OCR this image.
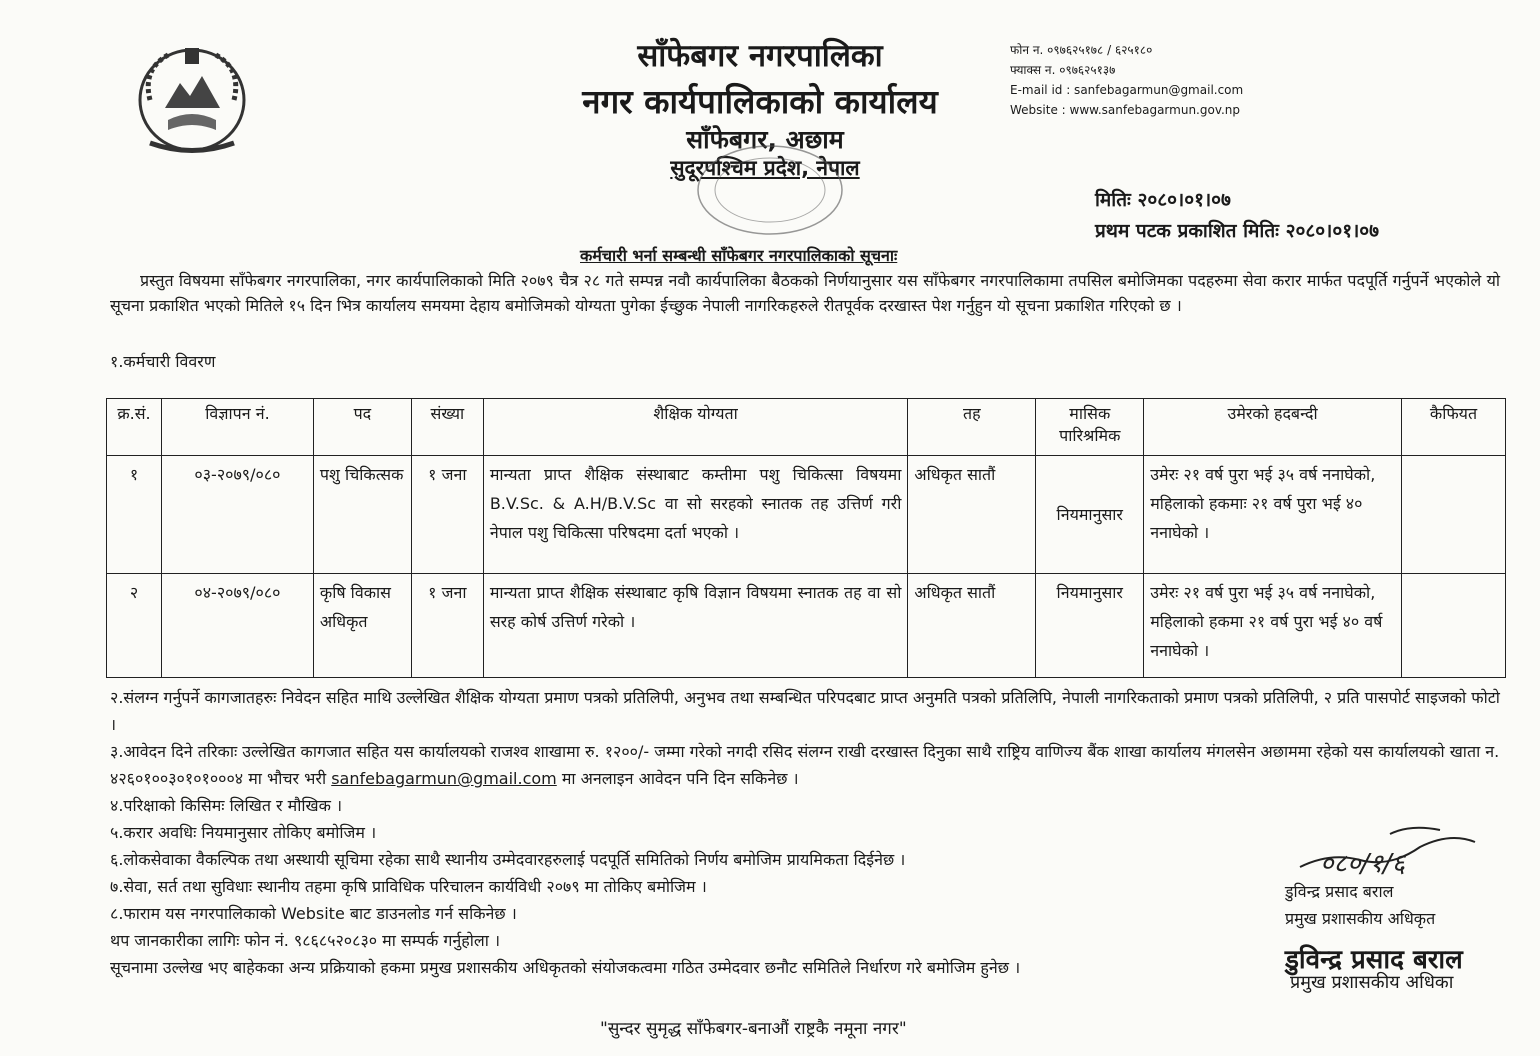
साँफेबगर नगरपालिका
नगर कार्यपालिकाको कार्यालय
साँफेबगर, अछाम
सुदूरपश्चिम प्रदेश, नेपाल
फोन न. ०९७६२५१७८ / ६२५१८०
फ्याक्स न. ०९७६२५१३७
E-mail id : sanfebagarmun@gmail.com
Website : www.sanfebagarmun.gov.np
मितिः २०८०।०१।०७
प्रथम पटक प्रकाशित मितिः २०८०।०१।०७
कर्मचारी भर्ना सम्बन्धी साँफेबगर नगरपालिकाको सूचनाः
प्रस्तुत विषयमा साँफेबगर नगरपालिका, नगर कार्यपालिकाको मिति २०७९ चैत्र २८ गते सम्पन्न नवौ कार्यपालिका बैठकको निर्णयानुसार यस साँफेबगर नगरपालिकामा तपसिल बमोजिमका पदहरुमा सेवा करार मार्फत पदपूर्ति गर्नुपर्ने भएकोले यो सूचना प्रकाशित भएको मितिले १५ दिन भित्र कार्यालय समयमा देहाय बमोजिमको योग्यता पुगेका ईच्छुक नेपाली नागरिकहरुले रीतपूर्वक दरखास्त पेश गर्नुहुन यो सूचना प्रकाशित गरिएको छ ।
१.कर्मचारी विवरण
क्र.सं.	विज्ञापन नं.	पद	संख्या	शैक्षिक योग्यता	तह	मासिक पारिश्रमिक	उमेरको हदबन्दी	कैफियत
१	०३-२०७९/०८०	पशु चिकित्सक	१ जना	मान्यता प्राप्त शैक्षिक संस्थाबाट कम्तीमा पशु चिकित्सा विषयमा B.V.Sc. & A.H/B.V.Sc वा सो सरहको स्नातक तह उत्तिर्ण गरी नेपाल पशु चिकित्सा परिषदमा दर्ता भएको ।	अधिकृत सातौं	नियमानुसार	उमेरः २१ वर्ष पुरा भई ३५ वर्ष ननाघेको, महिलाको हकमाः २१ वर्ष पुरा भई ४० ननाघेको ।	
२	०४-२०७९/०८०	कृषि विकास अधिकृत	१ जना	मान्यता प्राप्त शैक्षिक संस्थाबाट कृषि विज्ञान विषयमा स्नातक तह वा सो सरह कोर्ष उत्तिर्ण गरेको ।	अधिकृत सातौं	नियमानुसार	उमेरः २१ वर्ष पुरा भई ३५ वर्ष ननाघेको, महिलाको हकमा २१ वर्ष पुरा भई ४० वर्ष ननाघेको ।	

२.संलग्न गर्नुपर्ने कागजातहरुः निवेदन सहित माथि उल्लेखित शैक्षिक योग्यता प्रमाण पत्रको प्रतिलिपी, अनुभव तथा सम्बन्धित परिपदबाट प्राप्त अनुमति पत्रको प्रतिलिपि, नेपाली नागरिकताको प्रमाण पत्रको प्रतिलिपी, २ प्रति पासपोर्ट साइजको फोटो ।

३.आवेदन दिने तरिकाः उल्लेखित कागजात सहित यस कार्यालयको राजश्व शाखामा रु. १२००/- जम्मा गरेको नगदी रसिद संलग्न राखी दरखास्त दिनुका साथै राष्ट्रिय वाणिज्य बैंक शाखा कार्यालय मंगलसेन अछाममा रहेको यस कार्यालयको खाता न. ४२६०१००३०१०१०००४ मा भौचर भरी sanfebagarmun@gmail.com मा अनलाइन आवेदन पनि दिन सकिनेछ ।

४.परिक्षाको किसिमः लिखित र मौखिक ।

५.करार अवधिः नियमानुसार तोकिए बमोजिम ।

६.लोकसेवाका वैकल्पिक तथा अस्थायी सूचिमा रहेका साथै स्थानीय उम्मेदवारहरुलाई पदपूर्ति समितिको निर्णय बमोजिम प्रायमिकता दिईनेछ ।

७.सेवा, सर्त तथा सुविधाः स्थानीय तहमा कृषि प्राविधिक परिचालन कार्यविधी २०७९ मा तोकिए बमोजिम ।

८.फाराम यस नगरपालिकाको Website बाट डाउनलोड गर्न सकिनेछ ।

थप जानकारीका लागिः फोन नं. ९८६८५२०८३० मा सम्पर्क गर्नुहोला ।

सूचनामा उल्लेख भए बाहेकका अन्य प्रक्रियाको हकमा प्रमुख प्रशासकीय अधिकृतको संयोजकत्वमा गठित उम्मेदवार छनौट समितिले निर्धारण गरे बमोजिम हुनेछ ।

०८०/१/६
डुविन्द्र प्रसाद बराल
प्रमुख प्रशासकीय अधिकृत
डुविन्द्र प्रसाद बराल
प्रमुख प्रशासकीय अधिका
"सुन्दर सुमृद्ध साँफेबगर-बनाऔं राष्ट्रकै नमूना नगर"
